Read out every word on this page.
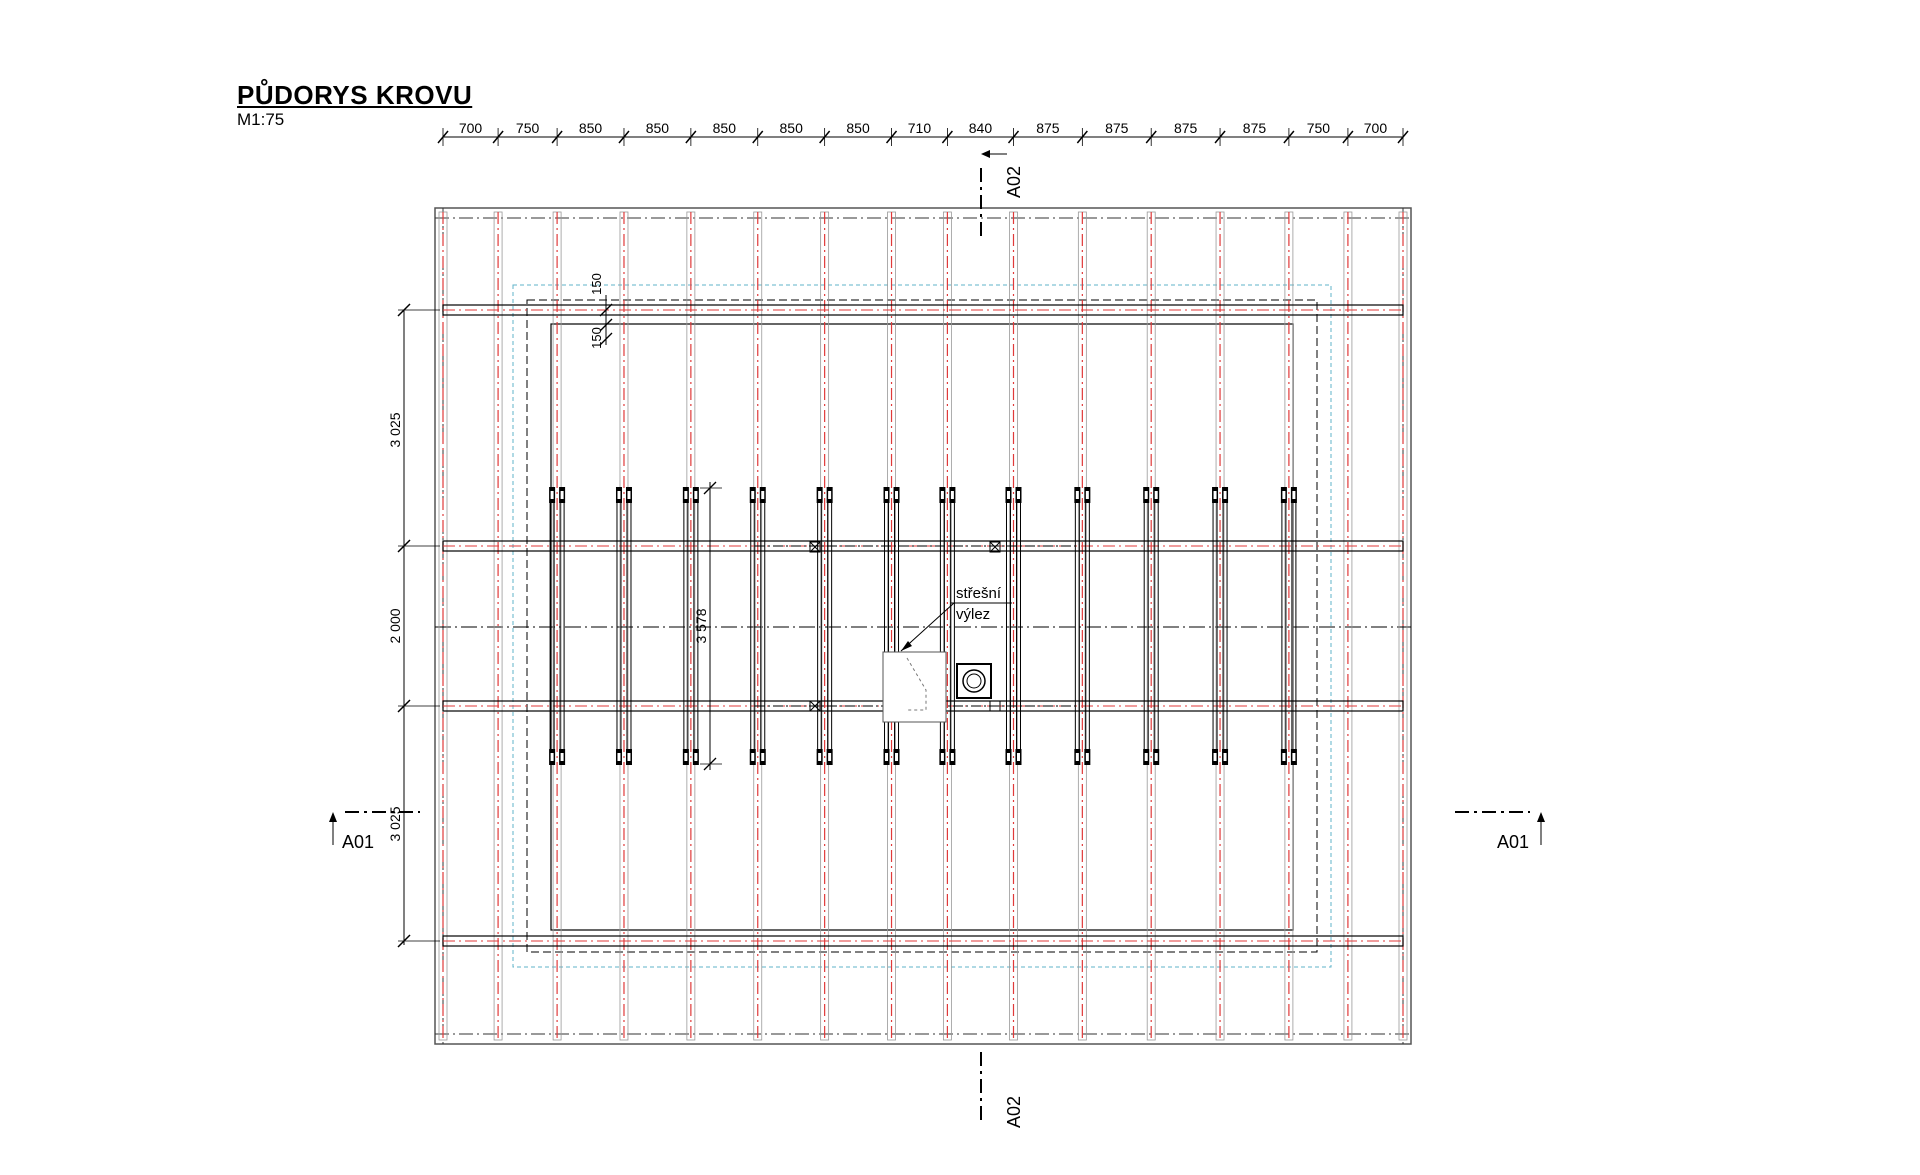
PŮDORYS KROVU
M1:75
střešní
výlez
700 750	850	850	850	850	850	710	840	875	875	875	875	750 700
3 025
2 000
3 025
150
150
3 578
A02
A02
A01	A01
